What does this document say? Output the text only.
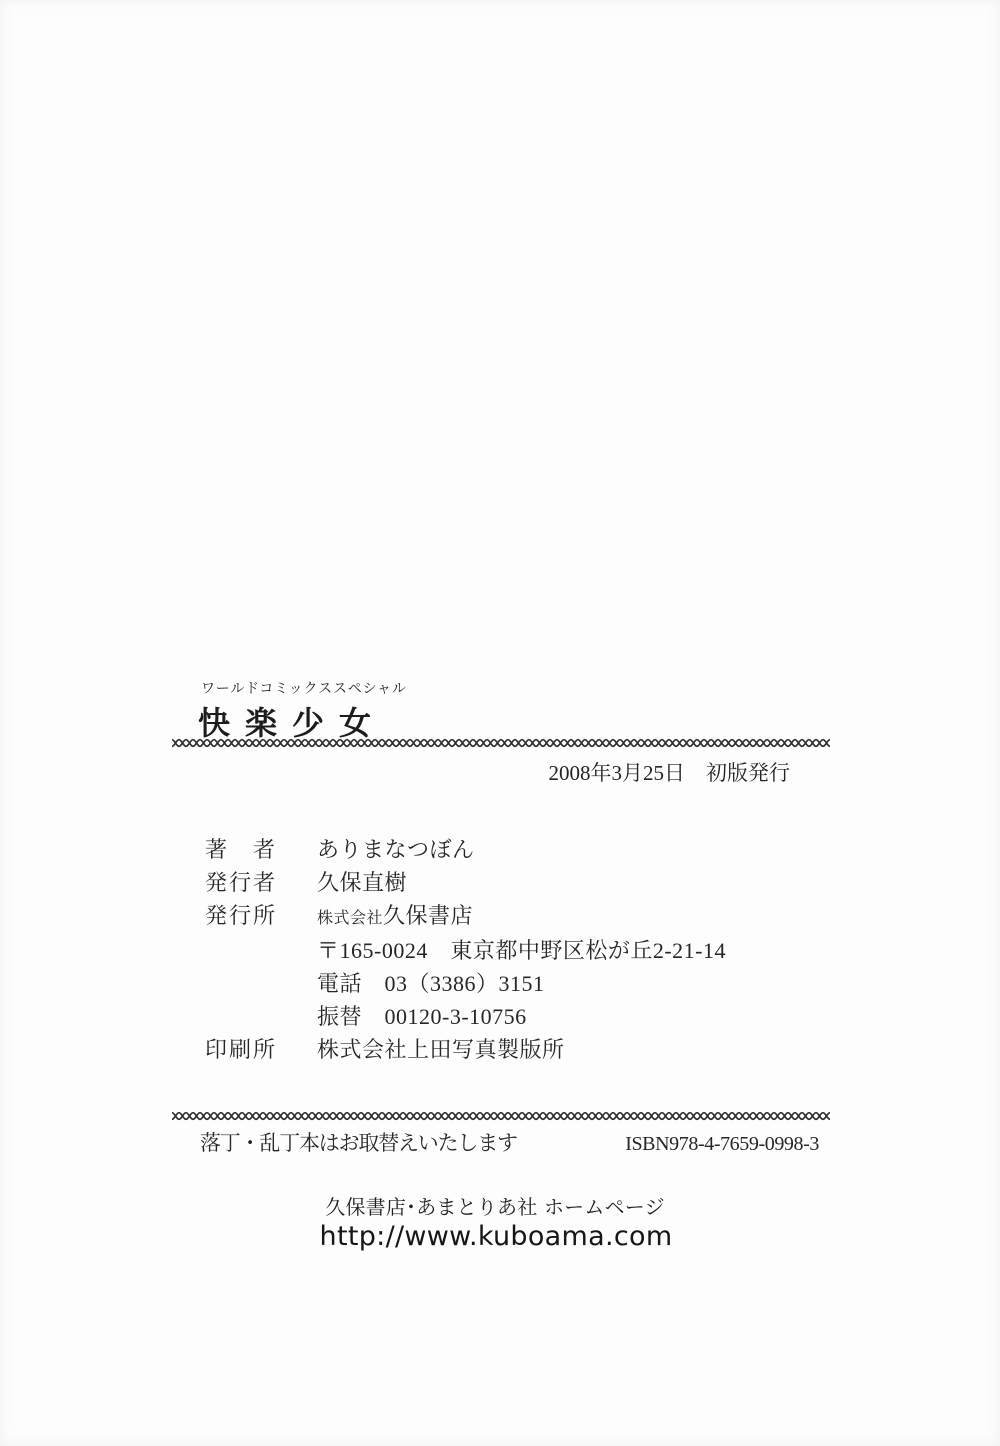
ワールドコミックススペシャル
快楽少女
2008年3月25日　初版発行
著　者 ありまなつぼん
発行者 久保直樹
発行所	株式会社久保書店
〒165-0024　東京都中野区松が丘2-21-14
電話　03（3386）3151
振替　00120-3-10756
印刷所 株式会社上田写真製版所
落丁・乱丁本はお取替えいたします	ISBN978-4-7659-0998-3
久保書店･あまとりあ社 ホームページ
http://www.kuboama.com
